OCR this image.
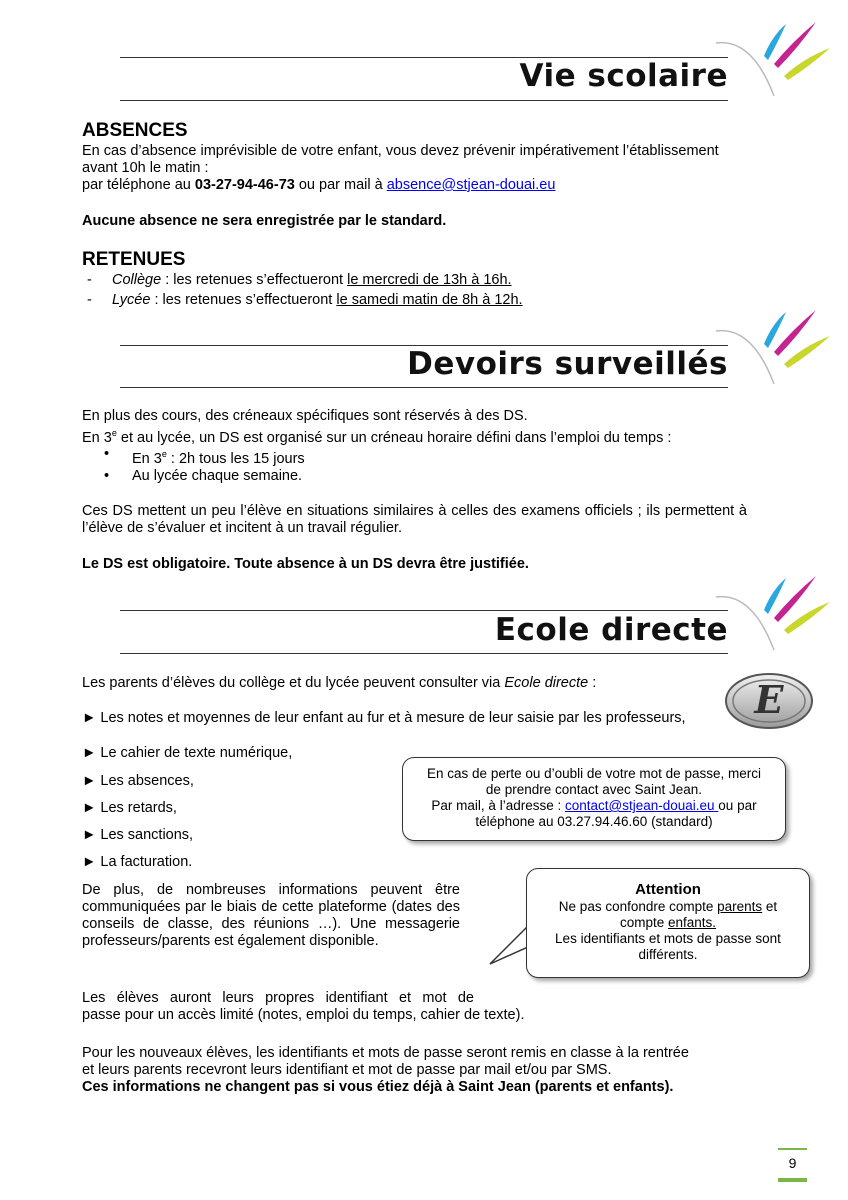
Vie scolaire
ABSENCES
En cas d’absence imprévisible de votre enfant, vous devez prévenir impérativement l’établissement
avant 10h le matin :
par téléphone au 03-27-94-46-73 ou par mail à absence@stjean-douai.eu
Aucune absence ne sera enregistrée par le standard.
RETENUES
- Collège : les retenues s’effectueront le mercredi de 13h à 16h.
- Lycée : les retenues s’effectueront le samedi matin de 8h à 12h.
Devoirs surveillés
En plus des cours, des créneaux spécifiques sont réservés à des DS.
En 3e et au lycée, un DS est organisé sur un créneau horaire défini dans l’emploi du temps :
• En 3e : 2h tous les 15 jours
• Au lycée chaque semaine.
Ces DS mettent un peu l’élève en situations similaires à celles des examens officiels ; ils permettent à l’élève de s’évaluer et incitent à un travail régulier.
Le DS est obligatoire. Toute absence à un DS devra être justifiée.
Ecole directe
Les parents d’élèves du collège et du lycée peuvent consulter via Ecole directe :	E
► Les notes et moyennes de leur enfant au fur et à mesure de leur saisie par les professeurs,
► Le cahier de texte numérique,
► Les absences,
► Les retards,
► Les sanctions,
► La facturation.
En cas de perte ou d’oubli de votre mot de passe, merci
de prendre contact avec Saint Jean.
Par mail, à l’adresse : contact@stjean-douai.eu ou par
téléphone au 03.27.94.46.60 (standard)
De plus, de nombreuses informations peuvent être communiquées par le biais de cette plateforme (dates des conseils de classe, des réunions …). Une messagerie professeurs/parents est également disponible.
Attention
Ne pas confondre compte parents et
compte enfants.
Les identifiants et mots de passe sont
différents.
Les élèves auront leurs propres identifiant et mot de
passe pour un accès limité (notes, emploi du temps, cahier de texte).
Pour les nouveaux élèves, les identifiants et mots de passe seront remis en classe à la rentrée
et leurs parents recevront leurs identifiant et mot de passe par mail et/ou par SMS.
Ces informations ne changent pas si vous étiez déjà à Saint Jean (parents et enfants).
9
